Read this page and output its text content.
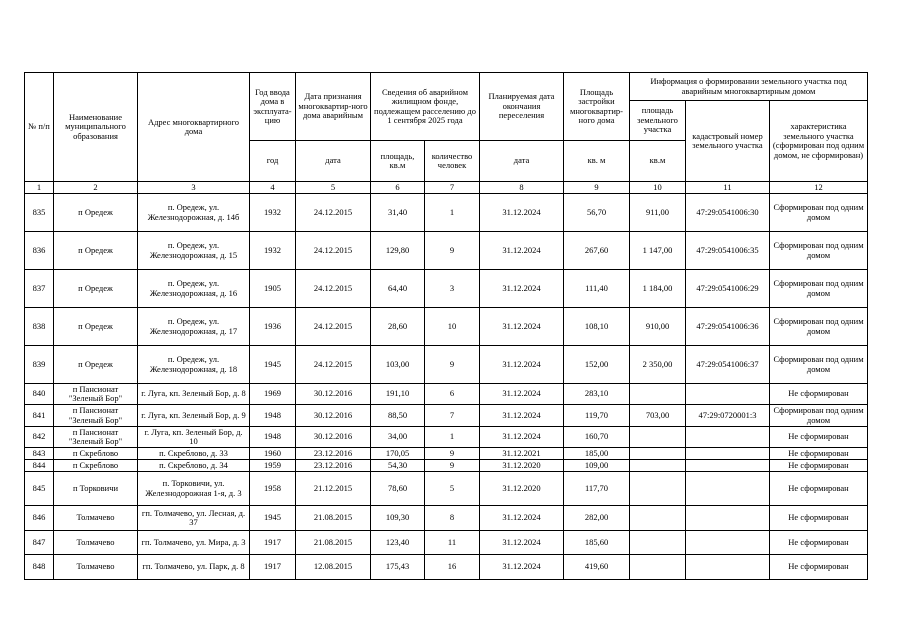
№ п/п	Наименование муниципального образования	Адрес многоквартирного дома	Год ввода дома в эксплуата-цию	Дата признания многоквартир-ного дома аварийным	Сведения об аварийном жилищном фонде, подлежащем расселению до 1 сентября 2025 года		Планируемая дата окончания переселения	Площадь застройки многоквартир-ного дома	Информация о формировании земельного участка под аварийным многоквартирным домом		
									площадь земельного участка	кадастровый номер земельного участка	характеристика земельного участка (сформирован под одним домом, не сформирован)
			год	дата	площадь, кв.м	количество человек	дата	кв. м	кв.м		
1	2	3	4	5	6	7	8	9	10	11	12
835	п Оредеж	п. Оредеж, ул. Железнодорожная, д. 14б	1932	24.12.2015	31,40	1	31.12.2024	56,70	911,00	47:29:0541006:30	Сформирован под одним домом
836	п Оредеж	п. Оредеж, ул. Железнодорожная, д. 15	1932	24.12.2015	129,80	9	31.12.2024	267,60	1 147,00	47:29:0541006:35	Сформирован под одним домом
837	п Оредеж	п. Оредеж, ул. Железнодорожная, д. 16	1905	24.12.2015	64,40	3	31.12.2024	111,40	1 184,00	47:29:0541006:29	Сформирован под одним домом
838	п Оредеж	п. Оредеж, ул. Железнодорожная, д. 17	1936	24.12.2015	28,60	10	31.12.2024	108,10	910,00	47:29:0541006:36	Сформирован под одним домом
839	п Оредеж	п. Оредеж, ул. Железнодорожная, д. 18	1945	24.12.2015	103,00	9	31.12.2024	152,00	2 350,00	47:29:0541006:37	Сформирован под одним домом
840	п Пансионат "Зеленый Бор"	г. Луга, кп. Зеленый Бор, д. 8	1969	30.12.2016	191,10	6	31.12.2024	283,10			Не сформирован
841	п Пансионат "Зеленый Бор"	г. Луга, кп. Зеленый Бор, д. 9	1948	30.12.2016	88,50	7	31.12.2024	119,70	703,00	47:29:0720001:3	Сформирован под одним домом
842	п Пансионат "Зеленый Бор"	г. Луга, кп. Зеленый Бор, д. 10	1948	30.12.2016	34,00	1	31.12.2024	160,70			Не сформирован
843	п Скреблово	п. Скреблово, д. 33	1960	23.12.2016	170,05	9	31.12.2021	185,00			Не сформирован
844	п Скреблово	п. Скреблово, д. 34	1959	23.12.2016	54,30	9	31.12.2020	109,00			Не сформирован
845	п Торковичи	п. Торковичи, ул. Железнодорожная 1-я, д. 3	1958	21.12.2015	78,60	5	31.12.2020	117,70			Не сформирован
846	Толмачево	гп. Толмачево, ул. Лесная, д. 37	1945	21.08.2015	109,30	8	31.12.2024	282,00			Не сформирован
847	Толмачево	гп. Толмачево, ул. Мира, д. 3	1917	21.08.2015	123,40	11	31.12.2024	185,60			Не сформирован
848	Толмачево	гп. Толмачево, ул. Парк, д. 8	1917	12.08.2015	175,43	16	31.12.2024	419,60			Не сформирован
